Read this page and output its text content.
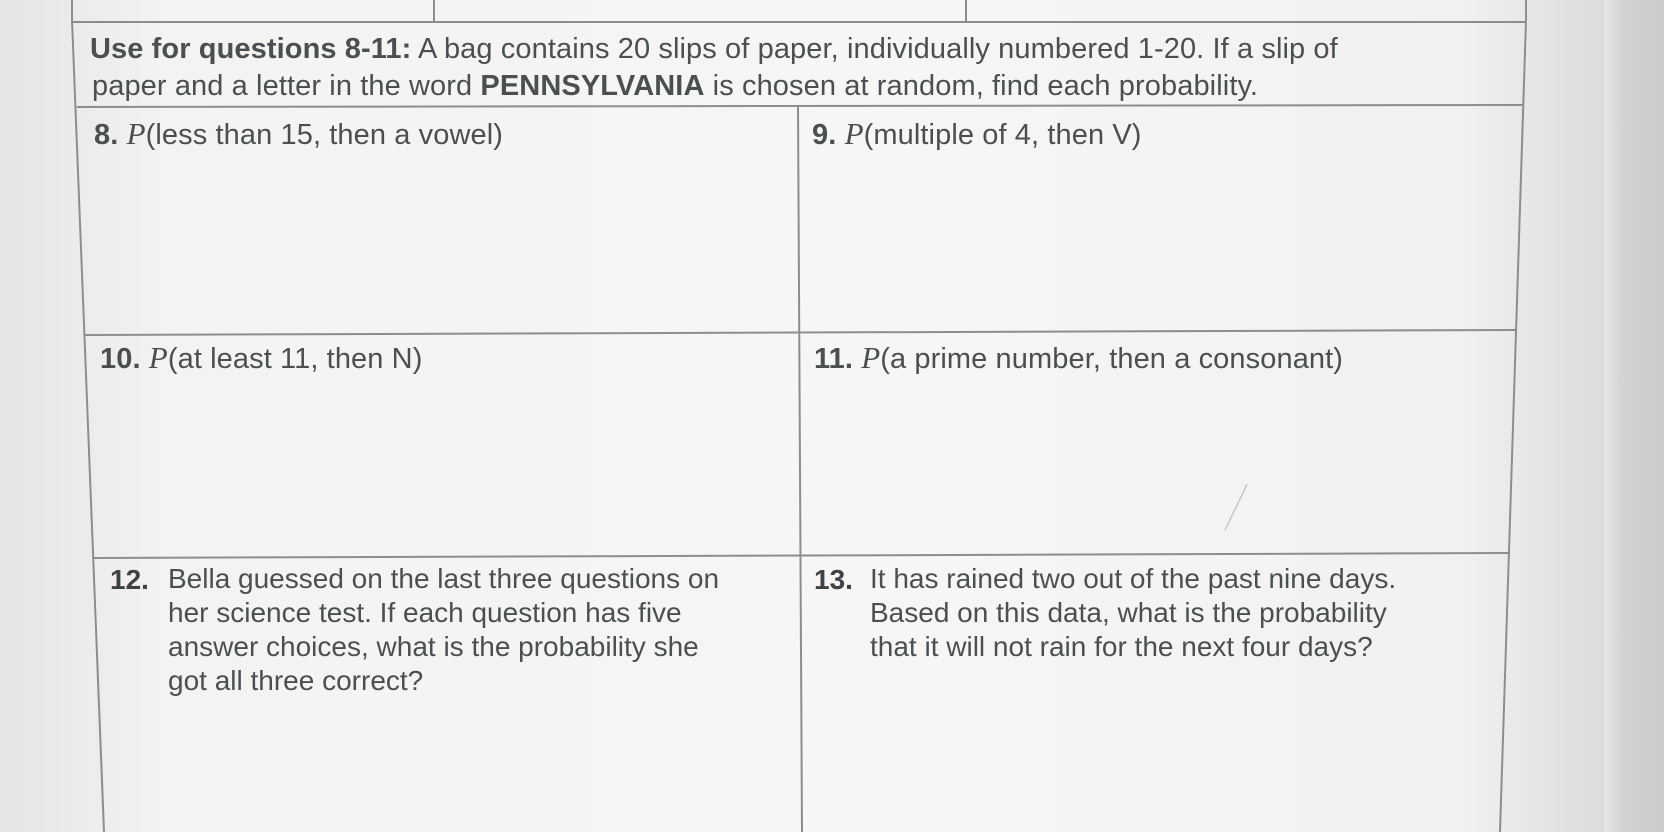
Use for questions 8-11: A bag contains 20 slips of paper, individually numbered 1-20. If a slip of
paper and a letter in the word PENNSYLVANIA is chosen at random, find each probability.
8. P(less than 15, then a vowel)	9. P(multiple of 4, then V)
10. P(at least 11, then N)	11. P(a prime number, then a consonant)
12. Bella guessed on the last three questions on
her science test. If each question has five
answer choices, what is the probability she
got all three correct?
13. It has rained two out of the past nine days.
Based on this data, what is the probability
that it will not rain for the next four days?
